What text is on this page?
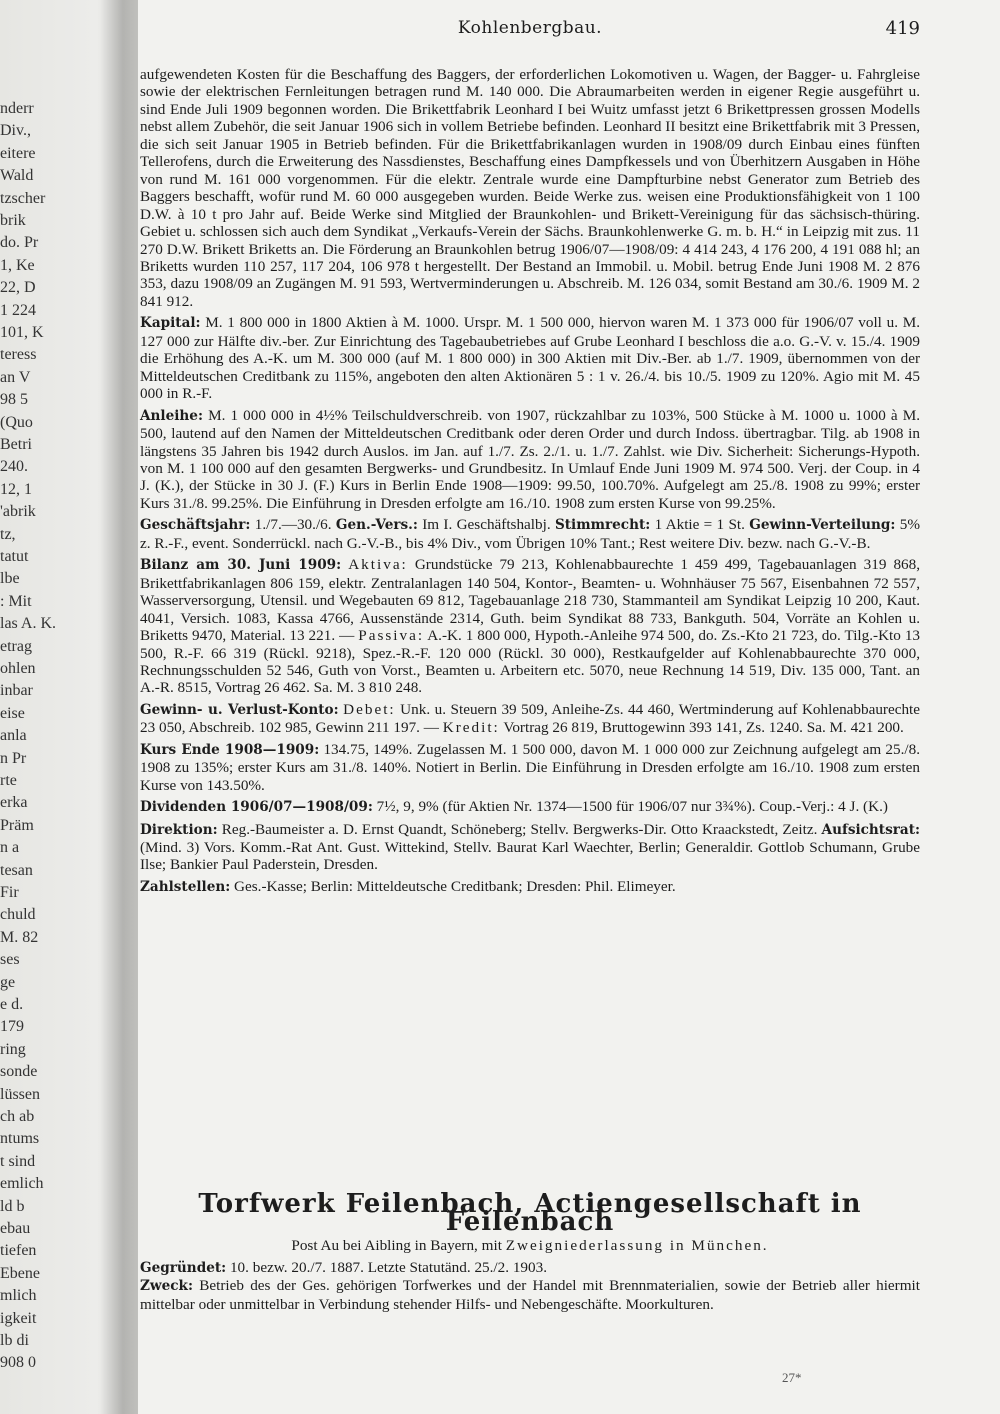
nderr
Div.,
eitere
Wald
tzscher
brik
do. Pr
1, Ke
22, D
1 224
101, K
teress
an V
98 5
(Quo
Betri
240.
12, 1
'abrik
tz,
tatut
lbe
: Mit
las A. K.
etrag
ohlen
inbar
eise
anla
n Pr
rte
erka
Präm
n a
tesan
Fir
chuld
M. 82
ses
ge
e d.
179
ring
sonde
lüssen
ch ab
ntums
t sind
emlich
ld b
ebau
tiefen
Ebene
mlich
igkeit
lb di
908 0
Kohlenbergbau.	419

aufgewendeten Kosten für die Beschaffung des Baggers, der erforderlichen Lokomotiven u. Wagen, der Bagger- u. Fahrgleise sowie der elektrischen Fernleitungen betragen rund M. 140 000. Die Abraumarbeiten werden in eigener Regie ausgeführt u. sind Ende Juli 1909 begonnen worden. Die Brikettfabrik Leonhard I bei Wuitz umfasst jetzt 6 Brikettpressen grossen Modells nebst allem Zubehör, die seit Januar 1906 sich in vollem Betriebe befinden. Leonhard II besitzt eine Brikettfabrik mit 3 Pressen, die sich seit Januar 1905 in Betrieb befinden. Für die Brikettfabrikanlagen wurden in 1908/09 durch Einbau eines fünften Tellerofens, durch die Erweiterung des Nassdienstes, Beschaffung eines Dampfkessels und von Überhitzern Ausgaben in Höhe von rund M. 161 000 vorgenommen. Für die elektr. Zentrale wurde eine Dampfturbine nebst Generator zum Betrieb des Baggers beschafft, wofür rund M. 60 000 ausgegeben wurden. Beide Werke zus. weisen eine Produktionsfähigkeit von 1 100 D.W. à 10 t pro Jahr auf. Beide Werke sind Mitglied der Braunkohlen- und Brikett-Vereinigung für das sächsisch-thüring. Gebiet u. schlossen sich auch dem Syndikat „Verkaufs-Verein der Sächs. Braunkohlenwerke G. m. b. H.“ in Leipzig mit zus. 11 270 D.W. Brikett Briketts an. Die Förderung an Braunkohlen betrug 1906/07—1908/09: 4 414 243, 4 176 200, 4 191 088 hl; an Briketts wurden 110 257, 117 204, 106 978 t hergestellt. Der Bestand an Immobil. u. Mobil. betrug Ende Juni 1908 M. 2 876 353, dazu 1908/09 an Zugängen M. 91 593, Wertverminderungen u. Abschreib. M. 126 034, somit Bestand am 30./6. 1909 M. 2 841 912.

Kapital: M. 1 800 000 in 1800 Aktien à M. 1000. Urspr. M. 1 500 000, hiervon waren M. 1 373 000 für 1906/07 voll u. M. 127 000 zur Hälfte div.-ber. Zur Einrichtung des Tagebaubetriebes auf Grube Leonhard I beschloss die a.o. G.-V. v. 15./4. 1909 die Erhöhung des A.-K. um M. 300 000 (auf M. 1 800 000) in 300 Aktien mit Div.-Ber. ab 1./7. 1909, übernommen von der Mitteldeutschen Creditbank zu 115%, angeboten den alten Aktionären 5 : 1 v. 26./4. bis 10./5. 1909 zu 120%. Agio mit M. 45 000 in R.-F.

Anleihe: M. 1 000 000 in 4½% Teilschuldverschreib. von 1907, rückzahlbar zu 103%, 500 Stücke à M. 1000 u. 1000 à M. 500, lautend auf den Namen der Mitteldeutschen Creditbank oder deren Order und durch Indoss. übertragbar. Tilg. ab 1908 in längstens 35 Jahren bis 1942 durch Auslos. im Jan. auf 1./7. Zs. 2./1. u. 1./7. Zahlst. wie Div. Sicherheit: Sicherungs-Hypoth. von M. 1 100 000 auf den gesamten Bergwerks- und Grundbesitz. In Umlauf Ende Juni 1909 M. 974 500. Verj. der Coup. in 4 J. (K.), der Stücke in 30 J. (F.) Kurs in Berlin Ende 1908—1909: 99.50, 100.70%. Aufgelegt am 25./8. 1908 zu 99%; erster Kurs 31./8. 99.25%. Die Einführung in Dresden erfolgte am 16./10. 1908 zum ersten Kurse von 99.25%.

Geschäftsjahr: 1./7.—30./6. Gen.-Vers.: Im I. Geschäftshalbj. Stimmrecht: 1 Aktie = 1 St. Gewinn-Verteilung: 5% z. R.-F., event. Sonderrückl. nach G.-V.-B., bis 4% Div., vom Übrigen 10% Tant.; Rest weitere Div. bezw. nach G.-V.-B.

Bilanz am 30. Juni 1909: Aktiva: Grundstücke 79 213, Kohlenabbaurechte 1 459 499, Tagebauanlagen 319 868, Brikettfabrikanlagen 806 159, elektr. Zentralanlagen 140 504, Kontor-, Beamten- u. Wohnhäuser 75 567, Eisenbahnen 72 557, Wasserversorgung, Utensil. und Wegebauten 69 812, Tagebauanlage 218 730, Stammanteil am Syndikat Leipzig 10 200, Kaut. 4041, Versich. 1083, Kassa 4766, Aussenstände 2314, Guth. beim Syndikat 88 733, Bankguth. 504, Vorräte an Kohlen u. Briketts 9470, Material. 13 221. — Passiva: A.-K. 1 800 000, Hypoth.-Anleihe 974 500, do. Zs.-Kto 21 723, do. Tilg.-Kto 13 500, R.-F. 66 319 (Rückl. 9218), Spez.-R.-F. 120 000 (Rückl. 30 000), Restkaufgelder auf Kohlenabbaurechte 370 000, Rechnungsschulden 52 546, Guth von Vorst., Beamten u. Arbeitern etc. 5070, neue Rechnung 14 519, Div. 135 000, Tant. an A.-R. 8515, Vortrag 26 462. Sa. M. 3 810 248.

Gewinn- u. Verlust-Konto: Debet: Unk. u. Steuern 39 509, Anleihe-Zs. 44 460, Wertminderung auf Kohlenabbaurechte 23 050, Abschreib. 102 985, Gewinn 211 197. — Kredit: Vortrag 26 819, Bruttogewinn 393 141, Zs. 1240. Sa. M. 421 200.

Kurs Ende 1908—1909: 134.75, 149%. Zugelassen M. 1 500 000, davon M. 1 000 000 zur Zeichnung aufgelegt am 25./8. 1908 zu 135%; erster Kurs am 31./8. 140%. Notiert in Berlin. Die Einführung in Dresden erfolgte am 16./10. 1908 zum ersten Kurse von 143.50%.

Dividenden 1906/07—1908/09: 7½, 9, 9% (für Aktien Nr. 1374—1500 für 1906/07 nur 3¾%). Coup.-Verj.: 4 J. (K.)

Direktion: Reg.-Baumeister a. D. Ernst Quandt, Schöneberg; Stellv. Bergwerks-Dir. Otto Kraackstedt, Zeitz. Aufsichtsrat: (Mind. 3) Vors. Komm.-Rat Ant. Gust. Wittekind, Stellv. Baurat Karl Waechter, Berlin; Generaldir. Gottlob Schumann, Grube Ilse; Bankier Paul Paderstein, Dresden.

Zahlstellen: Ges.-Kasse; Berlin: Mitteldeutsche Creditbank; Dresden: Phil. Elimeyer.

Torfwerk Feilenbach, Actiengesellschaft in Feilenbach
Post Au bei Aibling in Bayern, mit Zweigniederlassung in München.

Gegründet: 10. bezw. 20./7. 1887. Letzte Statutänd. 25./2. 1903.

Zweck: Betrieb des der Ges. gehörigen Torfwerkes und der Handel mit Brennmaterialien, sowie der Betrieb aller hiermit mittelbar oder unmittelbar in Verbindung stehender Hilfs- und Nebengeschäfte. Moorkulturen.

27*
